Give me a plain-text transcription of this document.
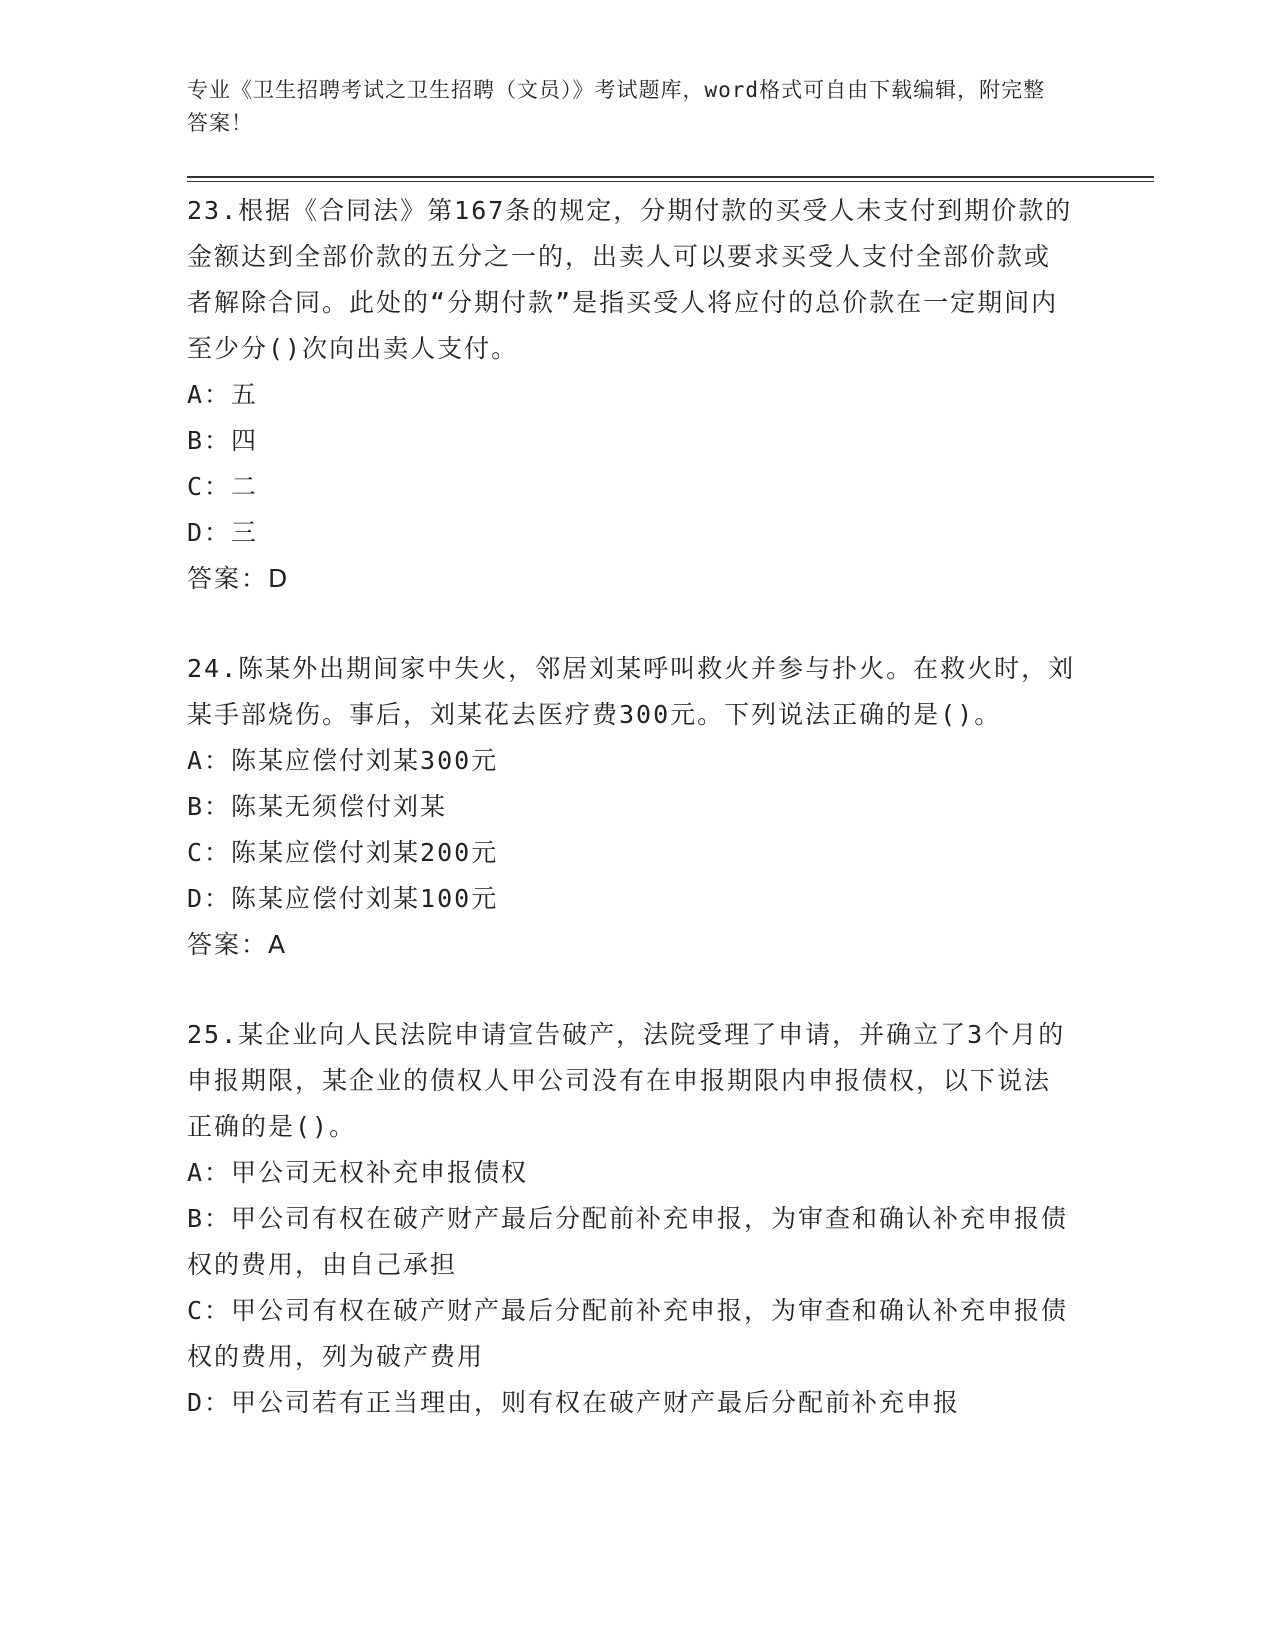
专业《卫生招聘考试之卫生招聘（文员）》考试题库，word格式可自由下载编辑，附完整答案！
23.根据《合同法》第167条的规定，分期付款的买受人未支付到期价款的金额达到全部价款的五分之一的，出卖人可以要求买受人支付全部价款或者解除合同。此处的“分期付款”是指买受人将应付的总价款在一定期间内至少分()次向出卖人支付。
A：五
B：四
C：二
D：三
答案：D
24.陈某外出期间家中失火，邻居刘某呼叫救火并参与扑火。在救火时，刘某手部烧伤。事后，刘某花去医疗费300元。下列说法正确的是()。
A：陈某应偿付刘某300元
B：陈某无须偿付刘某
C：陈某应偿付刘某200元
D：陈某应偿付刘某100元
答案：A
25.某企业向人民法院申请宣告破产，法院受理了申请，并确立了3个月的申报期限，某企业的债权人甲公司没有在申报期限内申报债权，以下说法正确的是()。
A：甲公司无权补充申报债权
B：甲公司有权在破产财产最后分配前补充申报，为审查和确认补充申报债权的费用，由自己承担
C：甲公司有权在破产财产最后分配前补充申报，为审查和确认补充申报债权的费用，列为破产费用
D：甲公司若有正当理由，则有权在破产财产最后分配前补充申报
